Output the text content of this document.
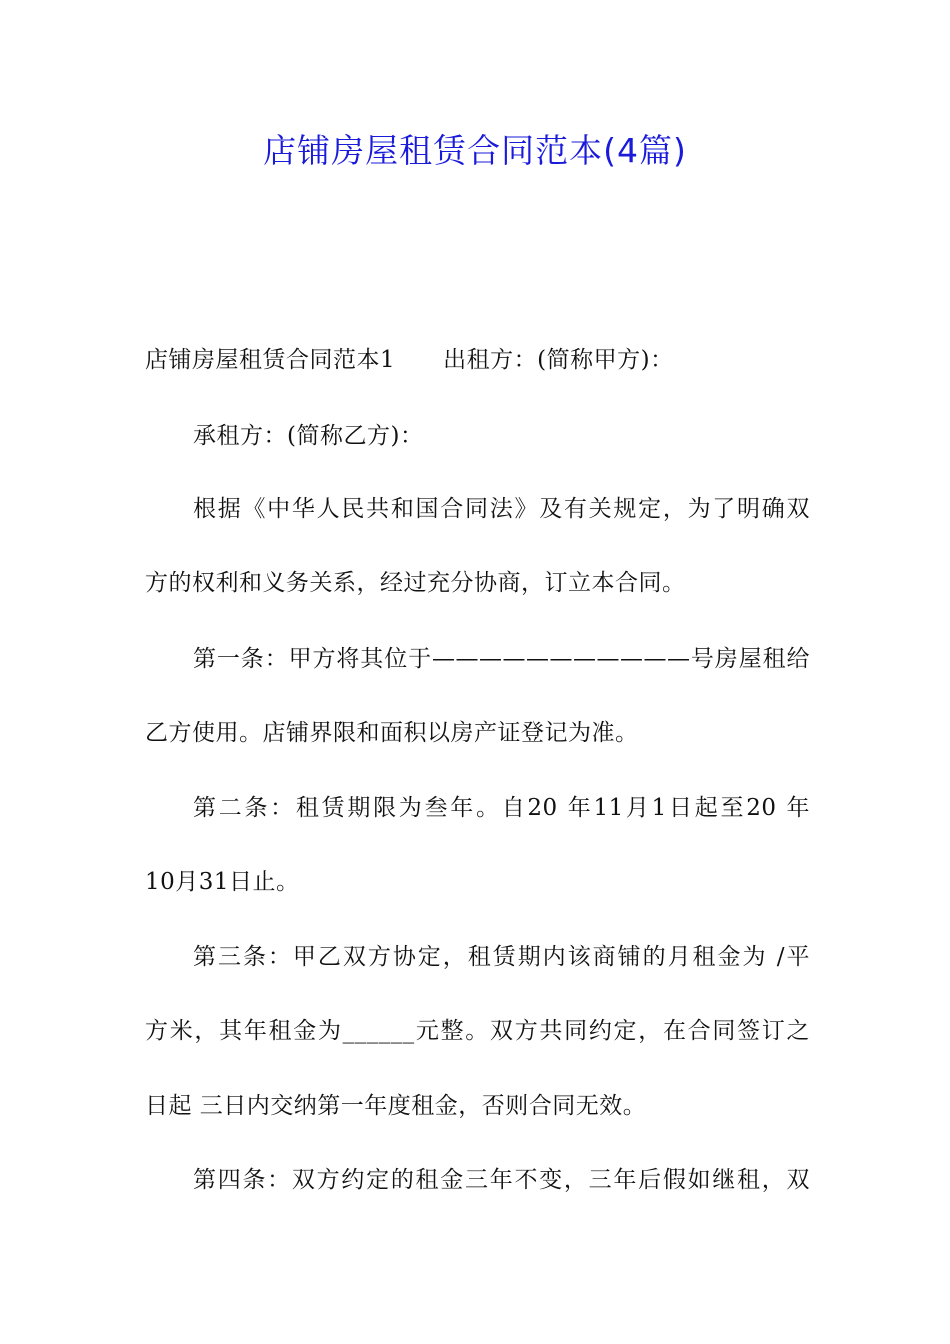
店铺房屋租赁合同范本(4篇)
店铺房屋租赁合同范本1 出租方：(简称甲方)：
承租方：(简称乙方)：
根据《中华人民共和国合同法》及有关规定，为了明确双
方的权利和义务关系，经过充分协商，订立本合同。
第一条：甲方将其位于———————————号房屋租给
乙方使用。店铺界限和面积以房产证登记为准。
第二条：租赁期限为叁年。自20 年11月1日起至20 年
10月31日止。
第三条：甲乙双方协定，租赁期内该商铺的月租金为 /平
方米，其年租金为______元整。双方共同约定，在合同签订之
日起 三日内交纳第一年度租金，否则合同无效。
第四条：双方约定的租金三年不变，三年后假如继租，双
